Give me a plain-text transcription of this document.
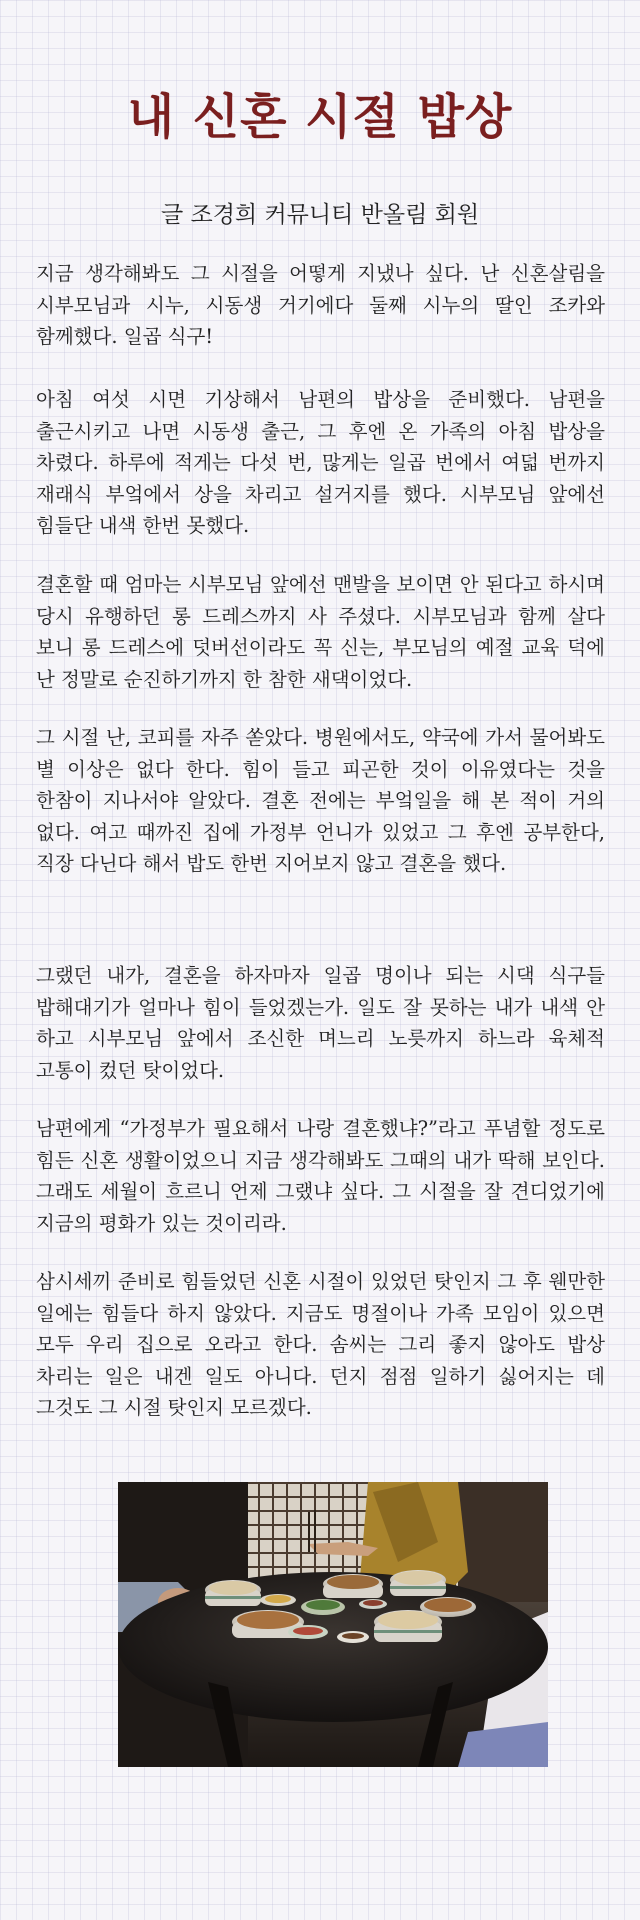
내 신혼 시절 밥상

글 조경희 커뮤니티 반올림 회원

지금 생각해봐도 그 시절을 어떻게 지냈나 싶다. 난 신혼살림을 시부모님과 시누, 시동생 거기에다 둘째 시누의 딸인 조카와 함께했다. 일곱 식구!

아침 여섯 시면 기상해서 남편의 밥상을 준비했다. 남편을 출근시키고 나면 시동생 출근, 그 후엔 온 가족의 아침 밥상을 차렸다. 하루에 적게는 다섯 번, 많게는 일곱 번에서 여덟 번까지 재래식 부엌에서 상을 차리고 설거지를 했다. 시부모님 앞에선 힘들단 내색 한번 못했다.

결혼할 때 엄마는 시부모님 앞에선 맨발을 보이면 안 된다고 하시며 당시 유행하던 롱 드레스까지 사 주셨다. 시부모님과 함께 살다 보니 롱 드레스에 덧버선이라도 꼭 신는, 부모님의 예절 교육 덕에 난 정말로 순진하기까지 한 참한 새댁이었다.

그 시절 난, 코피를 자주 쏟았다. 병원에서도, 약국에 가서 물어봐도 별 이상은 없다 한다. 힘이 들고 피곤한 것이 이유였다는 것을 한참이 지나서야 알았다. 결혼 전에는 부엌일을 해 본 적이 거의 없다. 여고 때까진 집에 가정부 언니가 있었고 그 후엔 공부한다, 직장 다닌다 해서 밥도 한번 지어보지 않고 결혼을 했다.

그랬던 내가, 결혼을 하자마자 일곱 명이나 되는 시댁 식구들 밥해대기가 얼마나 힘이 들었겠는가. 일도 잘 못하는 내가 내색 안 하고 시부모님 앞에서 조신한 며느리 노릇까지 하느라 육체적 고통이 컸던 탓이었다.

남편에게 “가정부가 필요해서 나랑 결혼했냐?”라고 푸념할 정도로 힘든 신혼 생활이었으니 지금 생각해봐도 그때의 내가 딱해 보인다. 그래도 세월이 흐르니 언제 그랬냐 싶다. 그 시절을 잘 견디었기에 지금의 평화가 있는 것이리라.

삼시세끼 준비로 힘들었던 신혼 시절이 있었던 탓인지 그 후 웬만한 일에는 힘들다 하지 않았다. 지금도 명절이나 가족 모임이 있으면 모두 우리 집으로 오라고 한다. 솜씨는 그리 좋지 않아도 밥상 차리는 일은 내겐 일도 아니다. 던지 점점 일하기 싫어지는 데 그것도 그 시절 탓인지 모르겠다.
